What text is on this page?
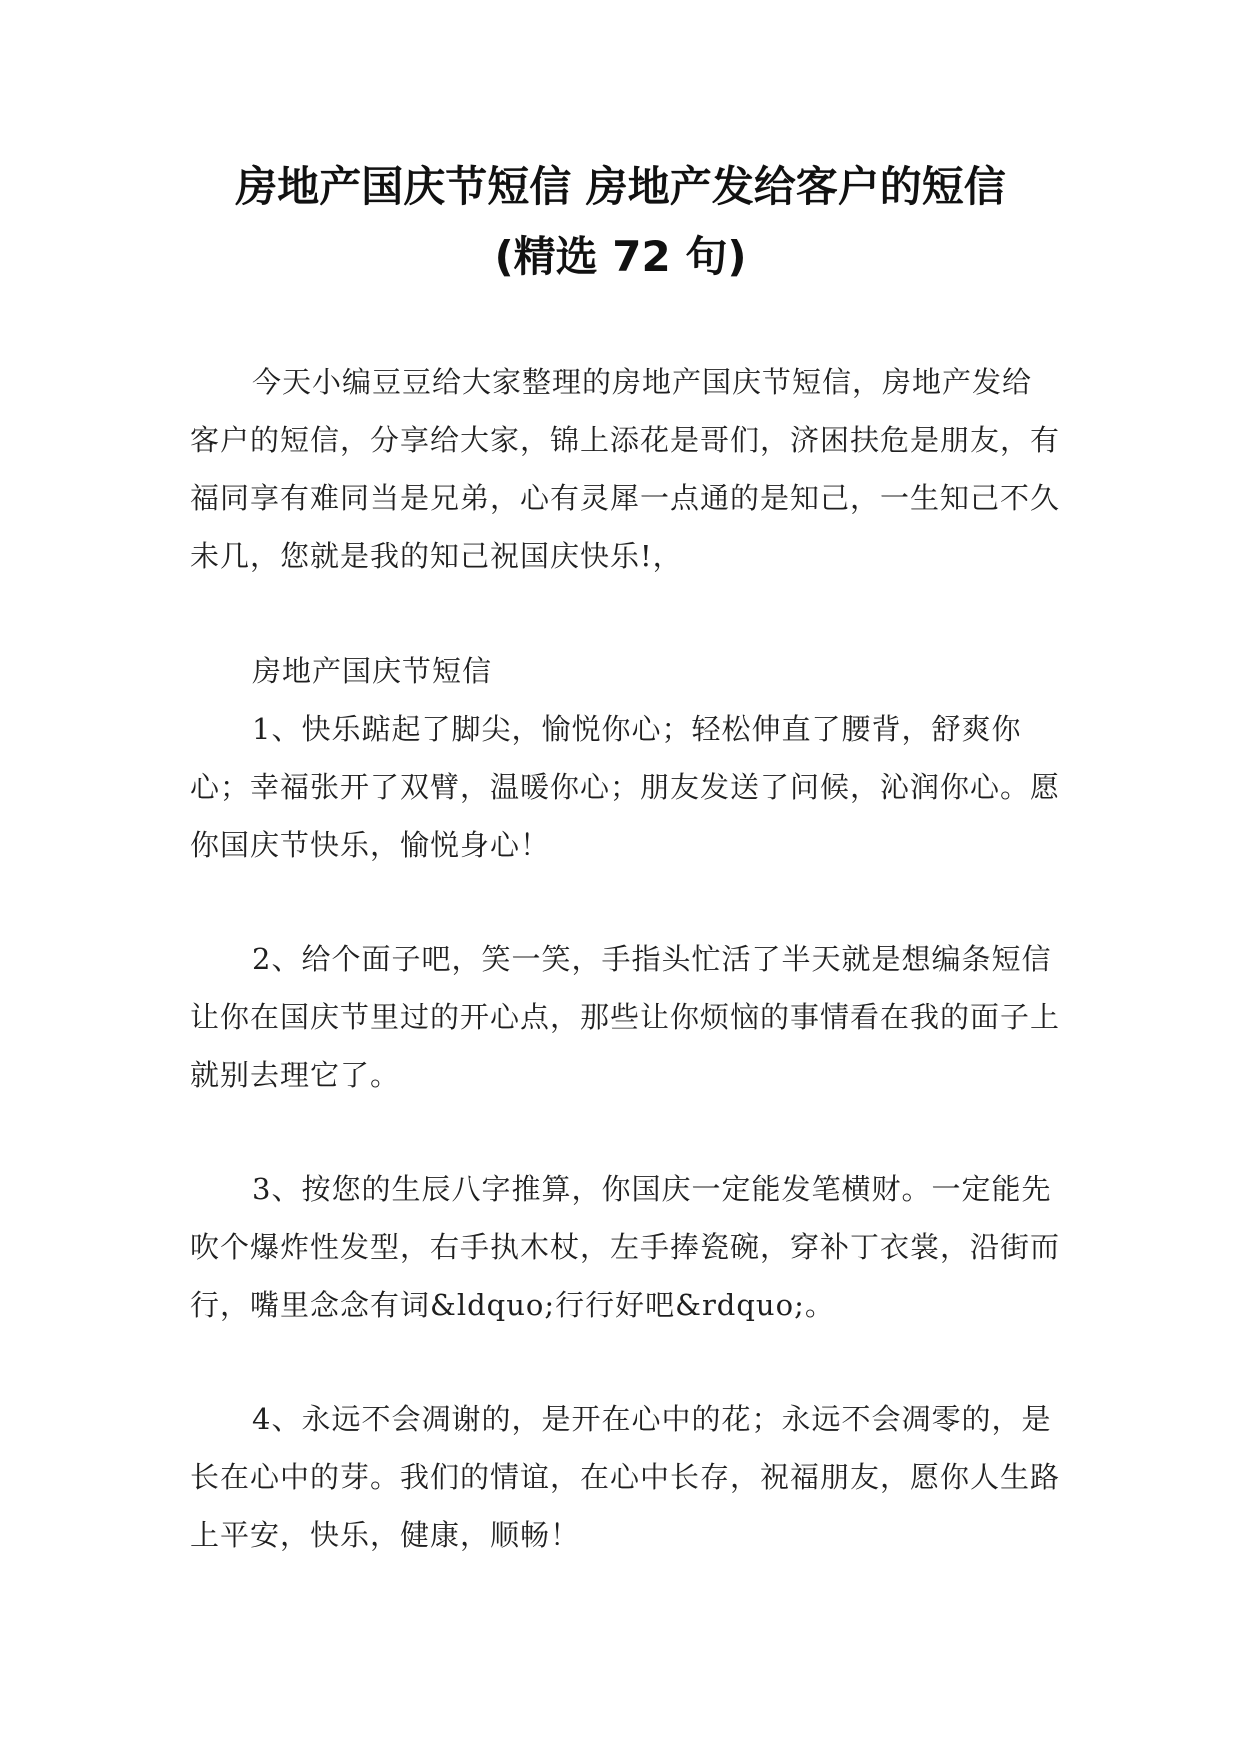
房地产国庆节短信 房地产发给客户的短信
(精选 72 句)

今天小编豆豆给大家整理的房地产国庆节短信，房地产发给客户的短信，分享给大家，锦上添花是哥们，济困扶危是朋友，有福同享有难同当是兄弟，心有灵犀一点通的是知己，一生知己不久未几，您就是我的知己祝国庆快乐!，

房地产国庆节短信

1、快乐踮起了脚尖，愉悦你心；轻松伸直了腰背，舒爽你心；幸福张开了双臂，温暖你心；朋友发送了问候，沁润你心。愿你国庆节快乐，愉悦身心！

2、给个面子吧，笑一笑，手指头忙活了半天就是想编条短信让你在国庆节里过的开心点，那些让你烦恼的事情看在我的面子上就别去理它了。

3、按您的生辰八字推算，你国庆一定能发笔横财。一定能先吹个爆炸性发型，右手执木杖，左手捧瓷碗，穿补丁衣裳，沿街而行，嘴里念念有词&ldquo;行行好吧&rdquo;。

4、永远不会凋谢的，是开在心中的花；永远不会凋零的，是长在心中的芽。我们的情谊，在心中长存，祝福朋友，愿你人生路上平安，快乐，健康，顺畅！
